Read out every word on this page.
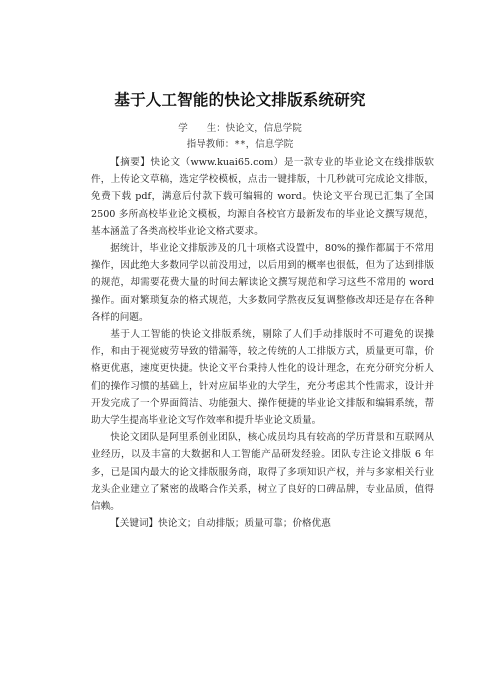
基于人工智能的快论文排版系统研究
学　　生：快论文，信息学院
指导教师：**，信息学院

【摘要】快论文（www.kuai65.com）是一款专业的毕业论文在线排版软件，上传论文草稿，选定学校模板，点击一键排版，十几秒就可完成论文排版，免费下载 pdf，满意后付款下载可编辑的 word。快论文平台现已汇集了全国 2500 多所高校毕业论文模板，均源自各校官方最新发布的毕业论文撰写规范，基本涵盖了各类高校毕业论文格式要求。

据统计，毕业论文排版涉及的几十项格式设置中，80%的操作都属于不常用操作，因此绝大多数同学以前没用过，以后用到的概率也很低，但为了达到排版的规范，却需要花费大量的时间去解读论文撰写规范和学习这些不常用的 word 操作。面对繁琐复杂的格式规范，大多数同学熬夜反复调整修改却还是存在各种各样的问题。

基于人工智能的快论文排版系统，剔除了人们手动排版时不可避免的误操作，和由于视觉疲劳导致的错漏等，较之传统的人工排版方式，质量更可靠，价格更优惠，速度更快捷。快论文平台秉持人性化的设计理念，在充分研究分析人们的操作习惯的基础上，针对应届毕业的大学生，充分考虑其个性需求，设计并开发完成了一个界面简洁、功能强大、操作便捷的毕业论文排版和编辑系统，帮助大学生提高毕业论文写作效率和提升毕业论文质量。

快论文团队是阿里系创业团队，核心成员均具有较高的学历背景和互联网从业经历，以及丰富的大数据和人工智能产品研发经验。团队专注论文排版 6 年多，已是国内最大的论文排版服务商，取得了多项知识产权，并与多家相关行业龙头企业建立了紧密的战略合作关系，树立了良好的口碑品牌，专业品质，值得信赖。

【关键词】快论文；自动排版；质量可靠；价格优惠
